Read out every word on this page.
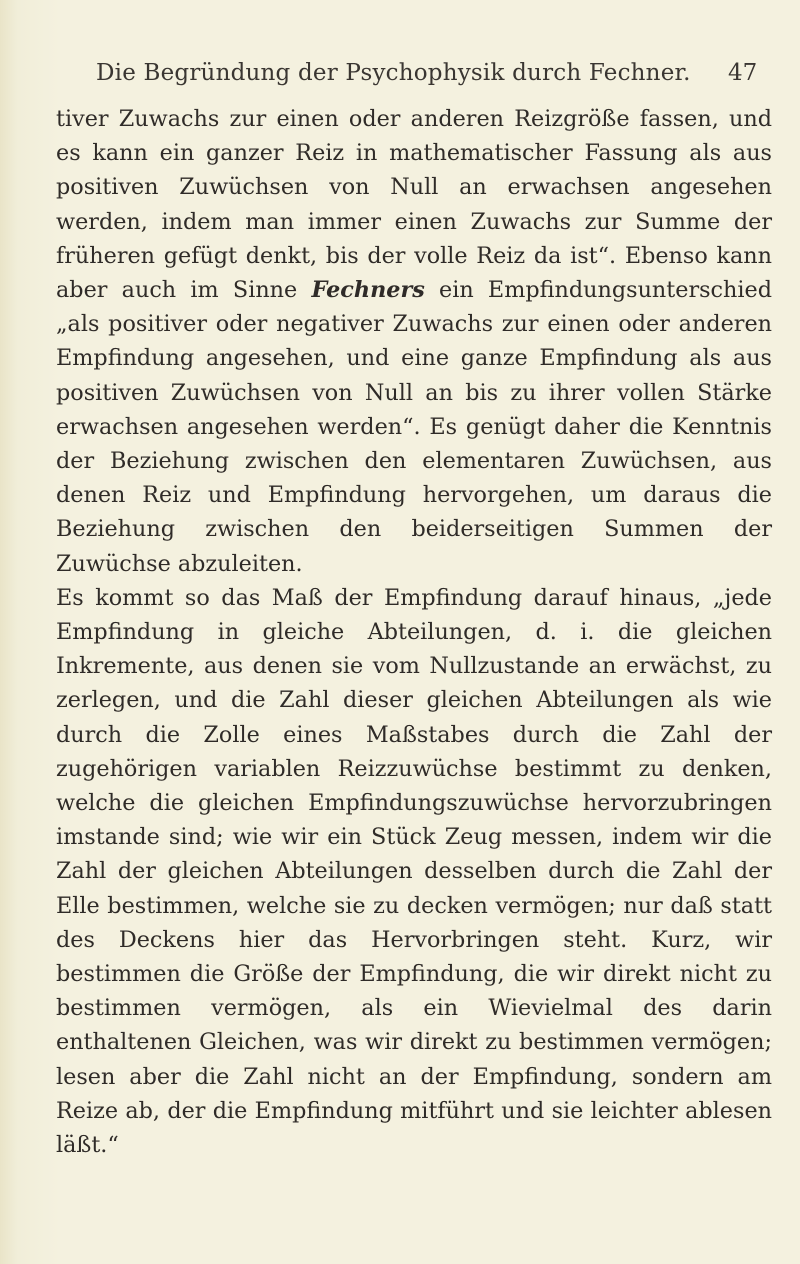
Die Begründung der Psychophysik durch Fechner. 47

tiver Zuwachs zur einen oder anderen Reizgröße fassen, und es kann ein ganzer Reiz in mathematischer Fassung als aus positiven Zuwüchsen von Null an erwachsen angesehen werden, indem man immer einen Zuwachs zur Summe der früheren gefügt denkt, bis der volle Reiz da ist“. Ebenso kann aber auch im Sinne Fechners ein Empfindungsunterschied „als positiver oder negativer Zuwachs zur einen oder anderen Empfindung angesehen, und eine ganze Empfindung als aus positiven Zuwüchsen von Null an bis zu ihrer vollen Stärke erwachsen angesehen werden“. Es genügt daher die Kenntnis der Beziehung zwischen den elementaren Zuwüchsen, aus denen Reiz und Empfindung hervorgehen, um daraus die Beziehung zwischen den beiderseitigen Summen der Zuwüchse abzuleiten.

Es kommt so das Maß der Empfindung darauf hinaus, „jede Empfindung in gleiche Abteilungen, d. i. die gleichen Inkremente, aus denen sie vom Nullzustande an erwächst, zu zerlegen, und die Zahl dieser gleichen Abteilungen als wie durch die Zolle eines Maßstabes durch die Zahl der zugehörigen variablen Reizzuwüchse bestimmt zu denken, welche die gleichen Empfindungszuwüchse hervorzubringen imstande sind; wie wir ein Stück Zeug messen, indem wir die Zahl der gleichen Abteilungen desselben durch die Zahl der Elle bestimmen, welche sie zu decken vermögen; nur daß statt des Deckens hier das Hervorbringen steht. Kurz, wir bestimmen die Größe der Empfindung, die wir direkt nicht zu bestimmen vermögen, als ein Wievielmal des darin enthaltenen Gleichen, was wir direkt zu bestimmen vermögen; lesen aber die Zahl nicht an der Empfindung, sondern am Reize ab, der die Empfindung mitführt und sie leichter ablesen läßt.“
